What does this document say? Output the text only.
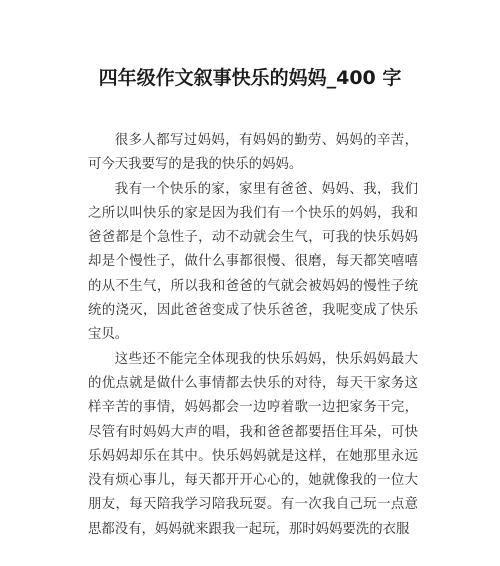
四年级作文叙事快乐的妈妈_400 字

很多人都写过妈妈，有妈妈的勤劳、妈妈的辛苦，可今天我要写的是我的快乐的妈妈。

我有一个快乐的家，家里有爸爸、妈妈、我，我们之所以叫快乐的家是因为我们有一个快乐的妈妈，我和爸爸都是个急性子，动不动就会生气，可我的快乐妈妈却是个慢性子，做什么事都很慢、很磨，每天都笑嘻嘻的从不生气，所以我和爸爸的气就会被妈妈的慢性子统统的浇灭，因此爸爸变成了快乐爸爸，我呢变成了快乐宝贝。

这些还不能完全体现我的快乐妈妈，快乐妈妈最大的优点就是做什么事情都去快乐的对待，每天干家务这样辛苦的事情，妈妈都会一边哼着歌一边把家务干完，尽管有时妈妈大声的唱，我和爸爸都要捂住耳朵，可快乐妈妈却乐在其中。快乐妈妈就是这样，在她那里永远没有烦心事儿，每天都开开心心的，她就像我的一位大朋友，每天陪我学习陪我玩耍。有一次我自己玩一点意思都没有，妈妈就来跟我一起玩，那时妈妈要洗的衣服
